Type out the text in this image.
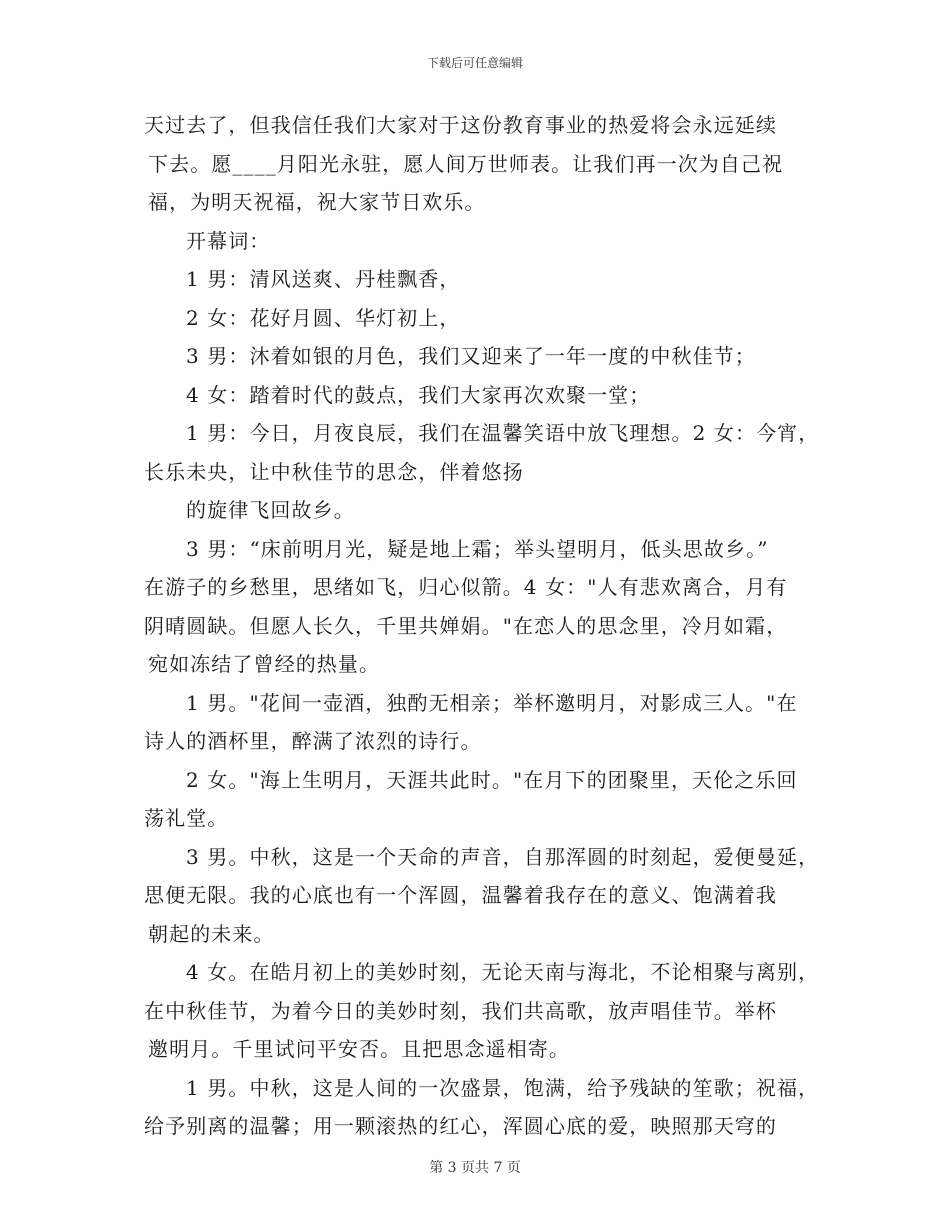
下载后可任意编辑
天过去了，但我信任我们大家对于这份教育事业的热爱将会永远延续
下去。愿____月阳光永驻，愿人间万世师表。让我们再一次为自己祝
福，为明天祝福，祝大家节日欢乐。
开幕词：
1 男：清风送爽、丹桂飘香，
2 女：花好月圆、华灯初上，
3 男：沐着如银的月色，我们又迎来了一年一度的中秋佳节；
4 女：踏着时代的鼓点，我们大家再次欢聚一堂；
1 男：今日，月夜良辰，我们在温馨笑语中放飞理想。2 女：今宵，
长乐未央，让中秋佳节的思念，伴着悠扬
的旋律飞回故乡。
3 男：“床前明月光，疑是地上霜；举头望明月，低头思故乡。”
在游子的乡愁里，思绪如飞，归心似箭。4 女："人有悲欢离合，月有
阴晴圆缺。但愿人长久，千里共婵娟。"在恋人的思念里，冷月如霜，
宛如冻结了曾经的热量。
1 男。"花间一壶酒，独酌无相亲；举杯邀明月，对影成三人。"在
诗人的酒杯里，醉满了浓烈的诗行。
2 女。"海上生明月，天涯共此时。"在月下的团聚里，天伦之乐回
荡礼堂。
3 男。中秋，这是一个天命的声音，自那浑圆的时刻起，爱便曼延，
思便无限。我的心底也有一个浑圆，温馨着我存在的意义、饱满着我
朝起的未来。
4 女。在皓月初上的美妙时刻，无论天南与海北，不论相聚与离别，
在中秋佳节，为着今日的美妙时刻，我们共高歌，放声唱佳节。举杯
邀明月。千里试问平安否。且把思念遥相寄。
1 男。中秋，这是人间的一次盛景，饱满，给予残缺的笙歌；祝福，
给予别离的温馨；用一颗滚热的红心，浑圆心底的爱，映照那天穹的
第 3 页共 7 页
